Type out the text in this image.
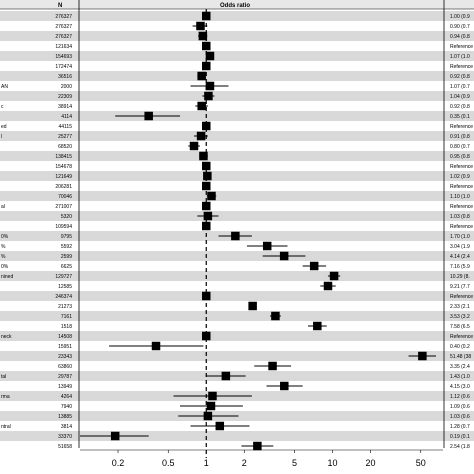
N	Odds ratio
276327	1.00 (0.9
276327	0.90 (0.7
276327	0.94 (0.8
121634	Reference
154693	1.07 (1.0
172474	Reference
36516	0.92 (0.8
AN	2000	1.07 (0.7
22309	1.04 (0.9
c	38914	0.92 (0.8
4114	0.35 (0.1
ed	44115	Reference
l	25277	0.91 (0.8
68520	0.80 (0.7
138415	0.95 (0.8
154678	Reference
121649	1.02 (0.9
206281	Reference
70046	1.10 (1.0
al	271007	Reference
5320	1.03 (0.8
109594	Reference
0%	9795	1.70 (1.0
%	5592	3.04 (1.9
%	2599	4.14 (2.4
0%	6625	7.16 (5.9
nined	129727	10.29 (8.
12585	9.21 (7.7
246374	Reference
21273	2.33 (2.1
7161	3.53 (3.2
1518	7.58 (6.5
neck	14508	Reference
15951	0.40 (0.2
23343	51.48 (38
63860	3.35 (2.4
tal	29787	1.43 (1.0
13949	4.15 (3.0
rma	4264	1.12 (0.6
7940	1.09 (0.6
13885	1.03 (0.6
ntral	3814	1.28 (0.7
33370	0.19 (0.1
51658	2.54 (1.8
0.2	0.5	1	2	5	10	20	50
